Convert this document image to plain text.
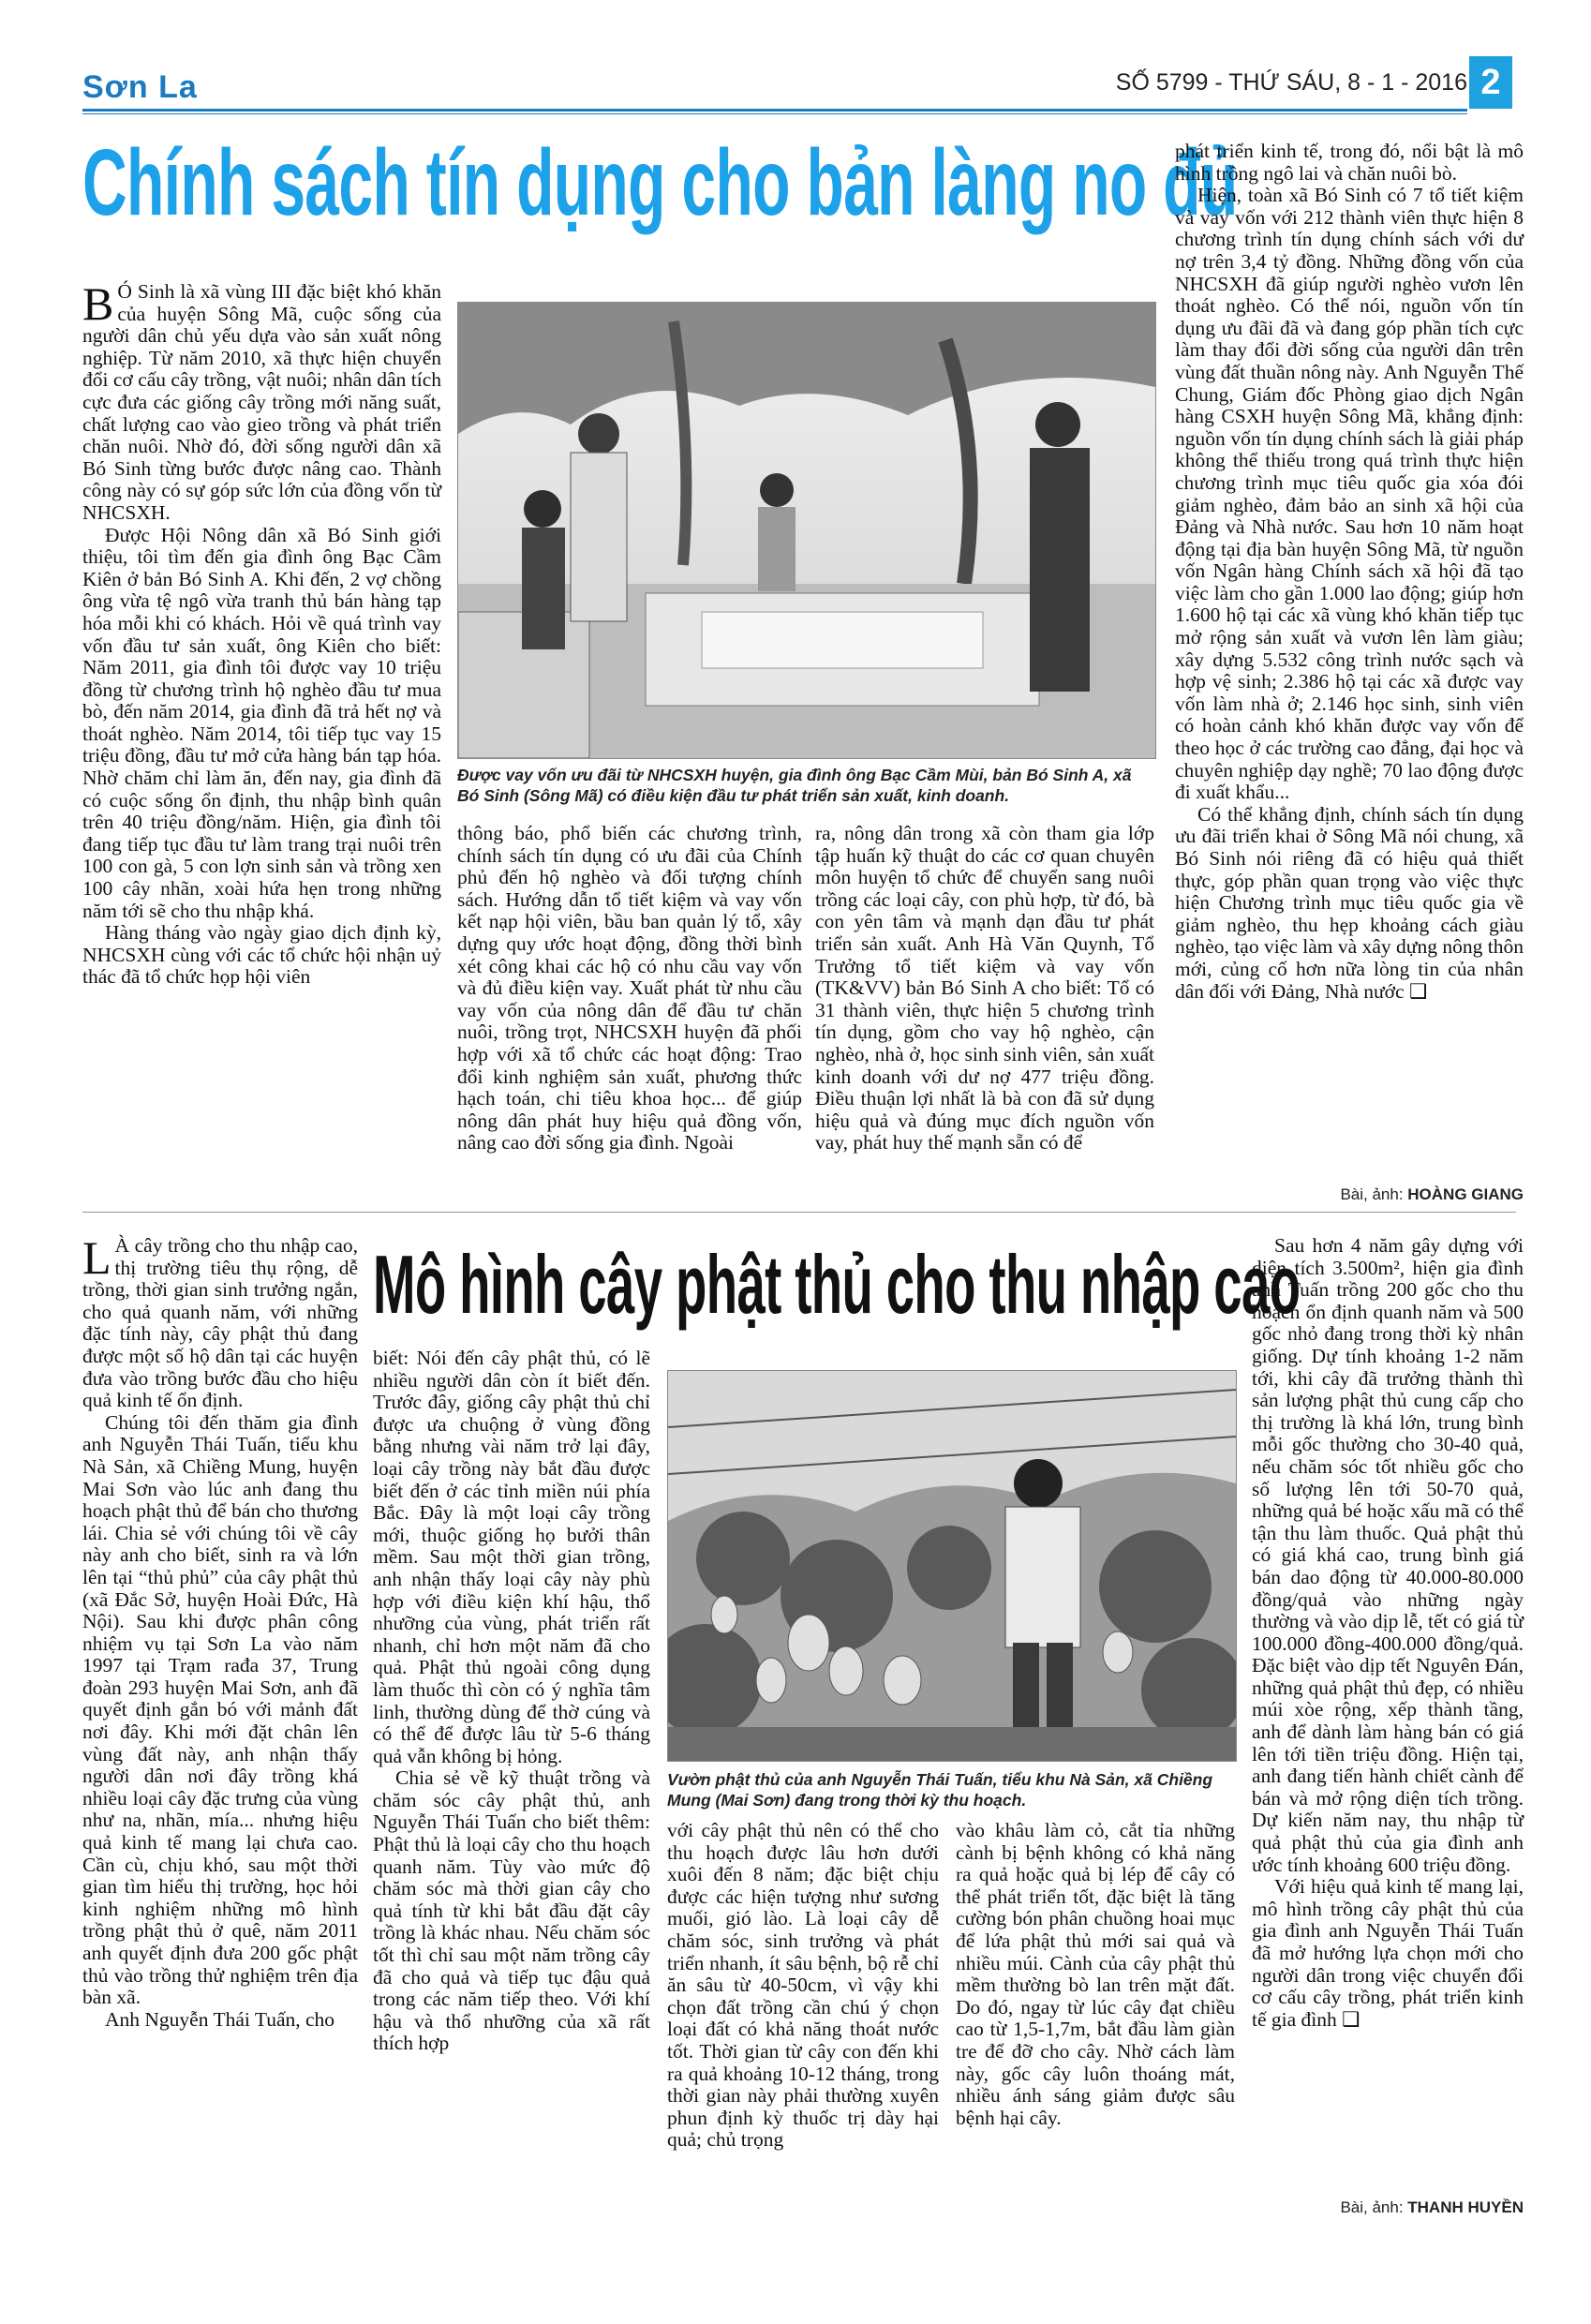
Sơn La	SỐ 5799 - THỨ SÁU, 8 - 1 - 2016 2
Chính sách tín dụng cho bản làng no đủ

B Ó Sinh là xã vùng III đặc biệt khó khăn của huyện Sông Mã, cuộc sống của người dân chủ yếu dựa vào sản xuất nông nghiệp. Từ năm 2010, xã thực hiện chuyển đổi cơ cấu cây trồng, vật nuôi; nhân dân tích cực đưa các giống cây trồng mới năng suất, chất lượng cao vào gieo trồng và phát triển chăn nuôi. Nhờ đó, đời sống người dân xã Bó Sinh từng bước được nâng cao. Thành công này có sự góp sức lớn của đồng vốn từ NHCSXH.

Được Hội Nông dân xã Bó Sinh giới thiệu, tôi tìm đến gia đình ông Bạc Cầm Kiên ở bản Bó Sinh A. Khi đến, 2 vợ chồng ông vừa tệ ngô vừa tranh thủ bán hàng tạp hóa mỗi khi có khách. Hỏi về quá trình vay vốn đầu tư sản xuất, ông Kiên cho biết: Năm 2011, gia đình tôi được vay 10 triệu đồng từ chương trình hộ nghèo đầu tư mua bò, đến năm 2014, gia đình đã trả hết nợ và thoát nghèo. Năm 2014, tôi tiếp tục vay 15 triệu đồng, đầu tư mở cửa hàng bán tạp hóa. Nhờ chăm chỉ làm ăn, đến nay, gia đình đã có cuộc sống ổn định, thu nhập bình quân trên 40 triệu đồng/năm. Hiện, gia đình tôi đang tiếp tục đầu tư làm trang trại nuôi trên 100 con gà, 5 con lợn sinh sản và trồng xen 100 cây nhãn, xoài hứa hẹn trong những năm tới sẽ cho thu nhập khá.

Hàng tháng vào ngày giao dịch định kỳ, NHCSXH cùng với các tổ chức hội nhận uỷ thác đã tổ chức họp hội viên

Được vay vốn ưu đãi từ NHCSXH huyện, gia đình ông Bạc Cầm Mùi, bản Bó Sinh A, xã Bó Sinh (Sông Mã) có điều kiện đầu tư phát triển sản xuất, kinh doanh.

thông báo, phổ biến các chương trình, chính sách tín dụng có ưu đãi của Chính phủ đến hộ nghèo và đối tượng chính sách. Hướng dẫn tổ tiết kiệm và vay vốn kết nạp hội viên, bầu ban quản lý tổ, xây dựng quy ước hoạt động, đồng thời bình xét công khai các hộ có nhu cầu vay vốn và đủ điều kiện vay. Xuất phát từ nhu cầu vay vốn của nông dân để đầu tư chăn nuôi, trồng trọt, NHCSXH huyện đã phối hợp với xã tổ chức các hoạt động: Trao đổi kinh nghiệm sản xuất, phương thức hạch toán, chi tiêu khoa học... để giúp nông dân phát huy hiệu quả đồng vốn, nâng cao đời sống gia đình. Ngoài

ra, nông dân trong xã còn tham gia lớp tập huấn kỹ thuật do các cơ quan chuyên môn huyện tổ chức để chuyển sang nuôi trồng các loại cây, con phù hợp, từ đó, bà con yên tâm và mạnh dạn đầu tư phát triển sản xuất. Anh Hà Văn Quynh, Tổ Trưởng tổ tiết kiệm và vay vốn (TK&VV) bản Bó Sinh A cho biết: Tổ có 31 thành viên, thực hiện 5 chương trình tín dụng, gồm cho vay hộ nghèo, cận nghèo, nhà ở, học sinh sinh viên, sản xuất kinh doanh với dư nợ 477 triệu đồng. Điều thuận lợi nhất là bà con đã sử dụng hiệu quả và đúng mục đích nguồn vốn vay, phát huy thế mạnh sẵn có để

phát triển kinh tế, trong đó, nổi bật là mô hình trồng ngô lai và chăn nuôi bò.

Hiện, toàn xã Bó Sinh có 7 tổ tiết kiệm và vay vốn với 212 thành viên thực hiện 8 chương trình tín dụng chính sách với dư nợ trên 3,4 tỷ đồng. Những đồng vốn của NHCSXH đã giúp người nghèo vươn lên thoát nghèo. Có thể nói, nguồn vốn tín dụng ưu đãi đã và đang góp phần tích cực làm thay đổi đời sống của người dân trên vùng đất thuần nông này. Anh Nguyễn Thế Chung, Giám đốc Phòng giao dịch Ngân hàng CSXH huyện Sông Mã, khẳng định: nguồn vốn tín dụng chính sách là giải pháp không thể thiếu trong quá trình thực hiện chương trình mục tiêu quốc gia xóa đói giảm nghèo, đảm bảo an sinh xã hội của Đảng và Nhà nước. Sau hơn 10 năm hoạt động tại địa bàn huyện Sông Mã, từ nguồn vốn Ngân hàng Chính sách xã hội đã tạo việc làm cho gần 1.000 lao động; giúp hơn 1.600 hộ tại các xã vùng khó khăn tiếp tục mở rộng sản xuất và vươn lên làm giàu; xây dựng 5.532 công trình nước sạch và hợp vệ sinh; 2.386 hộ tại các xã được vay vốn làm nhà ở; 2.146 học sinh, sinh viên có hoàn cảnh khó khăn được vay vốn để theo học ở các trường cao đẳng, đại học và chuyên nghiệp dạy nghề; 70 lao động được đi xuất khẩu...

Có thể khẳng định, chính sách tín dụng ưu đãi triển khai ở Sông Mã nói chung, xã Bó Sinh nói riêng đã có hiệu quả thiết thực, góp phần quan trọng vào việc thực hiện Chương trình mục tiêu quốc gia về giảm nghèo, thu hẹp khoảng cách giàu nghèo, tạo việc làm và xây dựng nông thôn mới, củng cố hơn nữa lòng tin của nhân dân đối với Đảng, Nhà nước ❑

Bài, ảnh: HOÀNG GIANG

L À cây trồng cho thu nhập cao, thị trường tiêu thụ rộng, dễ trồng, thời gian sinh trưởng ngắn, cho quả quanh năm, với những đặc tính này, cây phật thủ đang được một số hộ dân tại các huyện đưa vào trồng bước đầu cho hiệu quả kinh tế ổn định.

Chúng tôi đến thăm gia đình anh Nguyễn Thái Tuấn, tiểu khu Nà Sản, xã Chiềng Mung, huyện Mai Sơn vào lúc anh đang thu hoạch phật thủ để bán cho thương lái. Chia sẻ với chúng tôi về cây này anh cho biết, sinh ra và lớn lên tại “thủ phủ” của cây phật thủ (xã Đắc Sở, huyện Hoài Đức, Hà Nội). Sau khi được phân công nhiệm vụ tại Sơn La vào năm 1997 tại Trạm rađa 37, Trung đoàn 293 huyện Mai Sơn, anh đã quyết định gắn bó với mảnh đất nơi đây. Khi mới đặt chân lên vùng đất này, anh nhận thấy người dân nơi đây trồng khá nhiều loại cây đặc trưng của vùng như na, nhãn, mía... nhưng hiệu quả kinh tế mang lại chưa cao. Cần cù, chịu khó, sau một thời gian tìm hiểu thị trường, học hỏi kinh nghiệm những mô hình trồng phật thủ ở quê, năm 2011 anh quyết định đưa 200 gốc phật thủ vào trồng thử nghiệm trên địa bàn xã.

Anh Nguyễn Thái Tuấn, cho

Mô hình cây phật thủ cho thu nhập cao

biết: Nói đến cây phật thủ, có lẽ nhiều người dân còn ít biết đến. Trước đây, giống cây phật thủ chỉ được ưa chuộng ở vùng đồng bằng nhưng vài năm trở lại đây, loại cây trồng này bắt đầu được biết đến ở các tỉnh miền núi phía Bắc. Đây là một loại cây trồng mới, thuộc giống họ bưởi thân mềm. Sau một thời gian trồng, anh nhận thấy loại cây này phù hợp với điều kiện khí hậu, thổ nhưỡng của vùng, phát triển rất nhanh, chỉ hơn một năm đã cho quả. Phật thủ ngoài công dụng làm thuốc thì còn có ý nghĩa tâm linh, thường dùng để thờ cúng và có thể để được lâu từ 5-6 tháng quả vẫn không bị hỏng.

Chia sẻ về kỹ thuật trồng và chăm sóc cây phật thủ, anh Nguyễn Thái Tuấn cho biết thêm: Phật thủ là loại cây cho thu hoạch quanh năm. Tùy vào mức độ chăm sóc mà thời gian cây cho quả tính từ khi bắt đầu đặt cây trồng là khác nhau. Nếu chăm sóc tốt thì chỉ sau một năm trồng cây đã cho quả và tiếp tục đậu quả trong các năm tiếp theo. Với khí hậu và thổ nhưỡng của xã rất thích hợp

Vườn phật thủ của anh Nguyễn Thái Tuấn, tiểu khu Nà Sản, xã Chiềng Mung (Mai Sơn) đang trong thời kỳ thu hoạch.

với cây phật thủ nên có thể cho thu hoạch được lâu hơn dưới xuôi đến 8 năm; đặc biệt chịu được các hiện tượng như sương muối, gió lào. Là loại cây dễ chăm sóc, sinh trưởng và phát triển nhanh, ít sâu bệnh, bộ rễ chỉ ăn sâu từ 40-50cm, vì vậy khi chọn đất trồng cần chú ý chọn loại đất có khả năng thoát nước tốt. Thời gian từ cây con đến khi ra quả khoảng 10-12 tháng, trong thời gian này phải thường xuyên phun định kỳ thuốc trị dày hại quả; chủ trọng

vào khâu làm cỏ, cắt tỉa những cành bị bệnh không có khả năng ra quả hoặc quả bị lép để cây có thể phát triển tốt, đặc biệt là tăng cường bón phân chuồng hoai mục để lứa phật thủ mới sai quả và nhiều múi. Cành của cây phật thủ mềm thường bò lan trên mặt đất. Do đó, ngay từ lúc cây đạt chiều cao từ 1,5-1,7m, bắt đầu làm giàn tre để đỡ cho cây. Nhờ cách làm này, gốc cây luôn thoáng mát, nhiều ánh sáng giảm được sâu bệnh hại cây.

Sau hơn 4 năm gây dựng với diện tích 3.500m², hiện gia đình anh Tuấn trồng 200 gốc cho thu hoạch ổn định quanh năm và 500 gốc nhỏ đang trong thời kỳ nhân giống. Dự tính khoảng 1-2 năm tới, khi cây đã trưởng thành thì sản lượng phật thủ cung cấp cho thị trường là khá lớn, trung bình mỗi gốc thường cho 30-40 quả, nếu chăm sóc tốt nhiều gốc cho số lượng lên tới 50-70 quả, những quả bé hoặc xấu mã có thể tận thu làm thuốc. Quả phật thủ có giá khá cao, trung bình giá bán dao động từ 40.000-80.000 đồng/quả vào những ngày thường và vào dịp lễ, tết có giá từ 100.000 đồng-400.000 đồng/quả. Đặc biệt vào dịp tết Nguyên Đán, những quả phật thủ đẹp, có nhiều múi xòe rộng, xếp thành tầng, anh để dành làm hàng bán có giá lên tới tiền triệu đồng. Hiện tại, anh đang tiến hành chiết cành để bán và mở rộng diện tích trồng. Dự kiến năm nay, thu nhập từ quả phật thủ của gia đình anh ước tính khoảng 600 triệu đồng.

Với hiệu quả kinh tế mang lại, mô hình trồng cây phật thủ của gia đình anh Nguyễn Thái Tuấn đã mở hướng lựa chọn mới cho người dân trong việc chuyển đổi cơ cấu cây trồng, phát triển kinh tế gia đình ❑

Bài, ảnh: THANH HUYỀN
